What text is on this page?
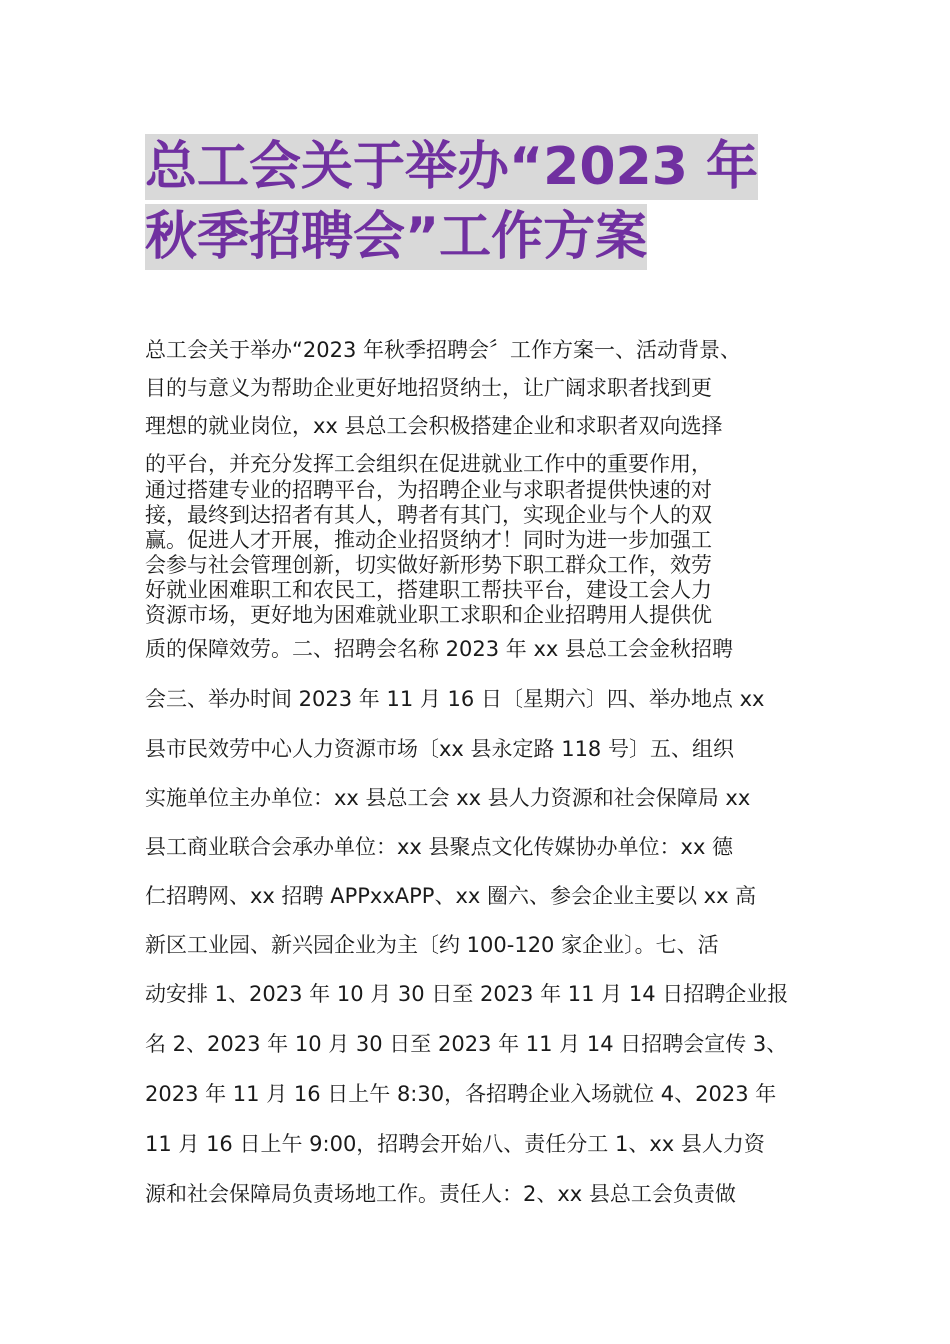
总工会关于举办“2023 年
秋季招聘会”工作方案
总工会关于举办“2023 年秋季招聘会〞工作方案一、活动背景、
目的与意义为帮助企业更好地招贤纳士，让广阔求职者找到更
理想的就业岗位，xx 县总工会积极搭建企业和求职者双向选择
的平台，并充分发挥工会组织在促进就业工作中的重要作用，
通过搭建专业的招聘平台，为招聘企业与求职者提供快速的对
接，最终到达招者有其人，聘者有其门，实现企业与个人的双
赢。促进人才开展，推动企业招贤纳才！同时为进一步加强工
会参与社会管理创新，切实做好新形势下职工群众工作，效劳
好就业困难职工和农民工，搭建职工帮扶平台，建设工会人力
资源市场，更好地为困难就业职工求职和企业招聘用人提供优
质的保障效劳。二、招聘会名称 2023 年 xx 县总工会金秋招聘
会三、举办时间 2023 年 11 月 16 日〔星期六〕四、举办地点 xx
县市民效劳中心人力资源市场〔xx 县永定路 118 号〕五、组织
实施单位主办单位：xx 县总工会 xx 县人力资源和社会保障局 xx
县工商业联合会承办单位：xx 县聚点文化传媒协办单位：xx 德
仁招聘网、xx 招聘 APPxxAPP、xx 圈六、参会企业主要以 xx 高
新区工业园、新兴园企业为主〔约 100-120 家企业〕。七、活
动安排 1、2023 年 10 月 30 日至 2023 年 11 月 14 日招聘企业报
名 2、2023 年 10 月 30 日至 2023 年 11 月 14 日招聘会宣传 3、
2023 年 11 月 16 日上午 8:30，各招聘企业入场就位 4、2023 年
11 月 16 日上午 9:00，招聘会开始八、责任分工 1、xx 县人力资
源和社会保障局负责场地工作。责任人：2、xx 县总工会负责做
